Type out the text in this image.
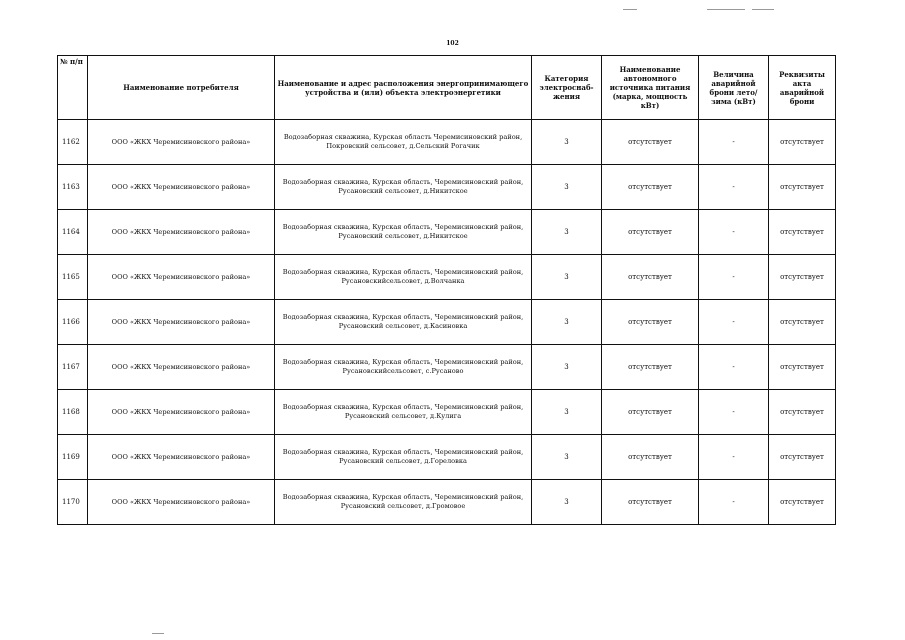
102
№ п/п	Наименование потребителя	Наименование и адрес расположения энергопринимающего устройства и (или) объекта электроэнергетики	Категория электроснаб-жения	Наименование автономного источника питания (марка, мощность кВт)	Величина аварийной брони лето/зима (кВт)	Реквизиты акта аварийной брони
1162	ООО «ЖКХ Черемисиновского района»	Водозаборная скважина, Курская область Черемисиновский район, Покровский сельсовет, д.Сельский Рогачик	3	отсутствует	-	отсутствует
1163	ООО «ЖКХ Черемисиновского района»	Водозаборная скважина, Курская область, Черемисиновский район, Русановский сельсовет, д.Никитское	3	отсутствует	-	отсутствует
1164	ООО «ЖКХ Черемисиновского района»	Водозаборная скважина, Курская область, Черемисиновский район, Русановский сельсовет, д.Никитское	3	отсутствует	-	отсутствует
1165	ООО «ЖКХ Черемисиновского района»	Водозаборная скважина, Курская область, Черемисиновский район, Русановскийсельсовет, д.Волчанка	3	отсутствует	-	отсутствует
1166	ООО «ЖКХ Черемисиновского района»	Водозаборная скважина, Курская область, Черемисиновский район, Русановский сельсовет, д.Касиновка	3	отсутствует	-	отсутствует
1167	ООО «ЖКХ Черемисиновского района»	Водозаборная скважина, Курская область, Черемисиновский район, Русановскийсельсовет, с.Русаново	3	отсутствует	-	отсутствует
1168	ООО «ЖКХ Черемисиновского района»	Водозаборная скважина, Курская область, Черемисиновский район, Русановский сельсовет, д.Кулига	3	отсутствует	-	отсутствует
1169	ООО «ЖКХ Черемисиновского района»	Водозаборная скважина, Курская область, Черемисиновский район, Русановский сельсовет, д.Гореловка	3	отсутствует	-	отсутствует
1170	ООО «ЖКХ Черемисиновского района»	Водозаборная скважина, Курская область, Черемисиновский район, Русановский сельсовет, д.Громовое	3	отсутствует	-	отсутствует
